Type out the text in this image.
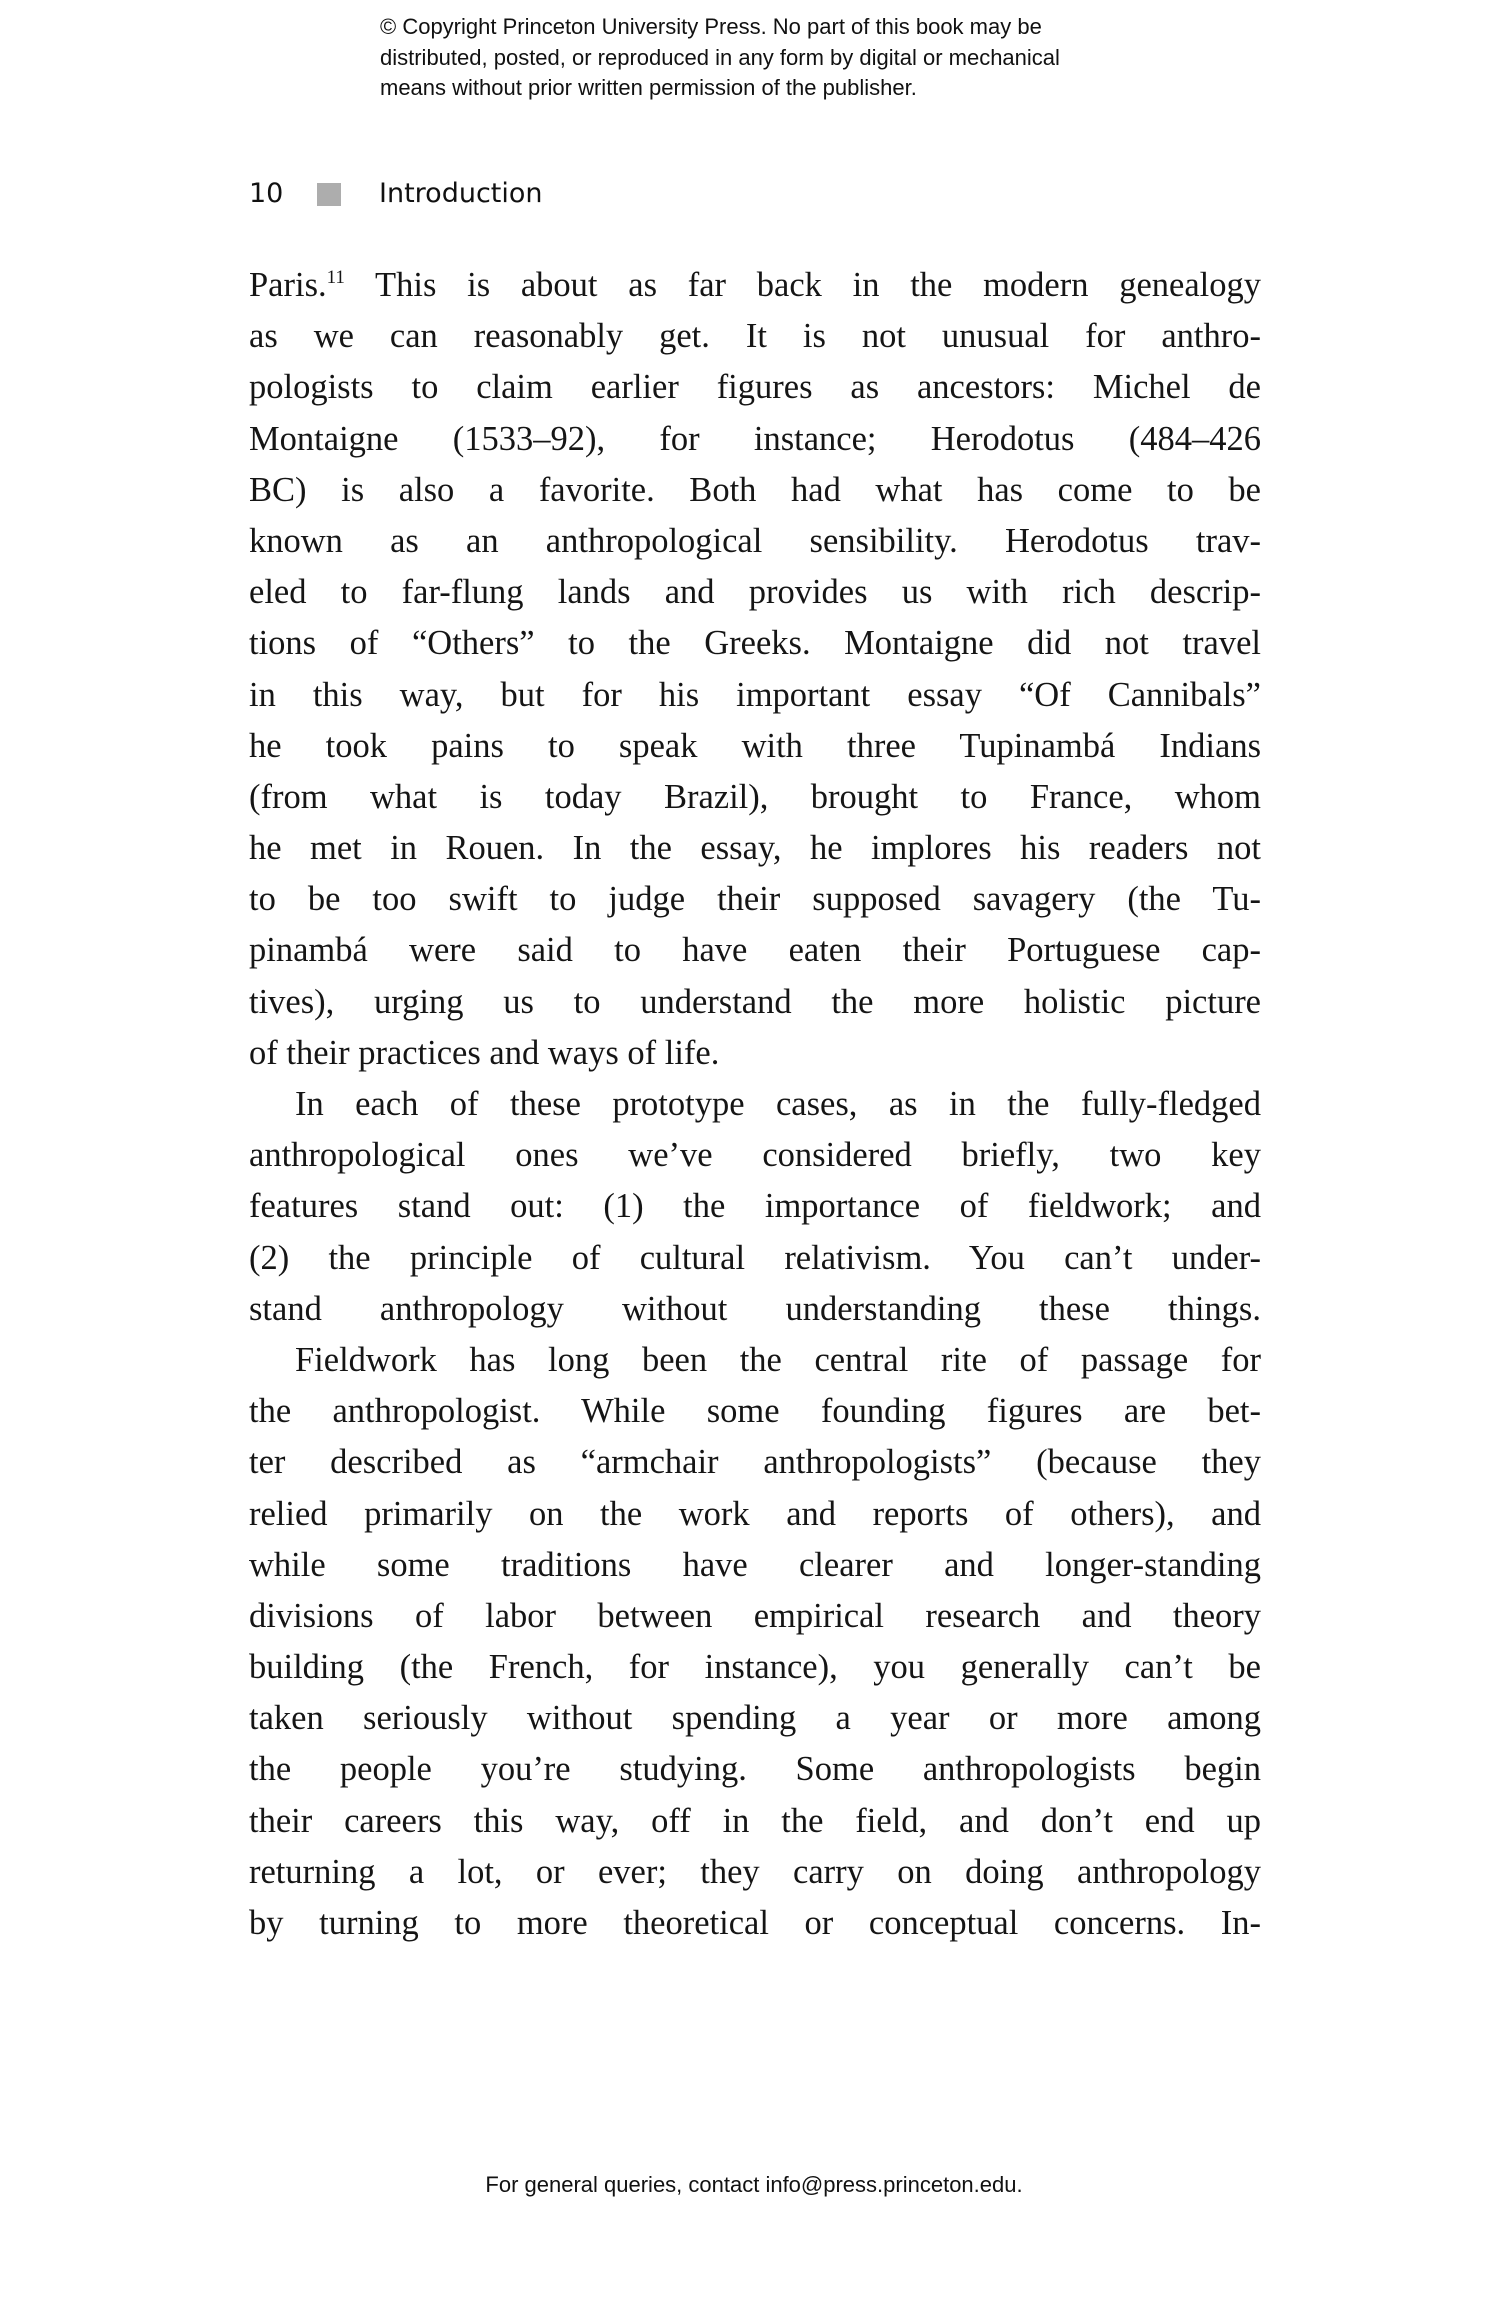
© Copyright Princeton University Press. No part of this book may be
distributed, posted, or reproduced in any form by digital or mechanical
means without prior written permission of the publisher.
10	Introduction
Paris.$^{11}$ This is about as far back in the modern genealogy
as we can reasonably get. It is not unusual for anthro-
pologists to claim earlier figures as ancestors: Michel de
Montaigne (1533–92), for instance; Herodotus (484–426
BC) is also a favorite. Both had what has come to be
known as an anthropological sensibility. Herodotus trav-
eled to far-flung lands and provides us with rich descrip-
tions of “Others” to the Greeks. Montaigne did not travel
in this way, but for his important essay “Of Cannibals”
he took pains to speak with three Tupinambá Indians
(from what is today Brazil), brought to France, whom
he met in Rouen. In the essay, he implores his readers not
to be too swift to judge their supposed savagery (the Tu-
pinambá were said to have eaten their Portuguese cap-
tives), urging us to understand the more holistic picture
of their practices and ways of life.
In each of these prototype cases, as in the fully-fledged
anthropological ones we’ve considered briefly, two key
features stand out: (1) the importance of fieldwork; and
(2) the principle of cultural relativism. You can’t under-
stand anthropology without understanding these things.
Fieldwork has long been the central rite of passage for
the anthropologist. While some founding figures are bet-
ter described as “armchair anthropologists” (because they
relied primarily on the work and reports of others), and
while some traditions have clearer and longer-standing
divisions of labor between empirical research and theory
building (the French, for instance), you generally can’t be
taken seriously without spending a year or more among
the people you’re studying. Some anthropologists begin
their careers this way, off in the field, and don’t end up
returning a lot, or ever; they carry on doing anthropology
by turning to more theoretical or conceptual concerns. In-
For general queries, contact info@press.princeton.edu.
